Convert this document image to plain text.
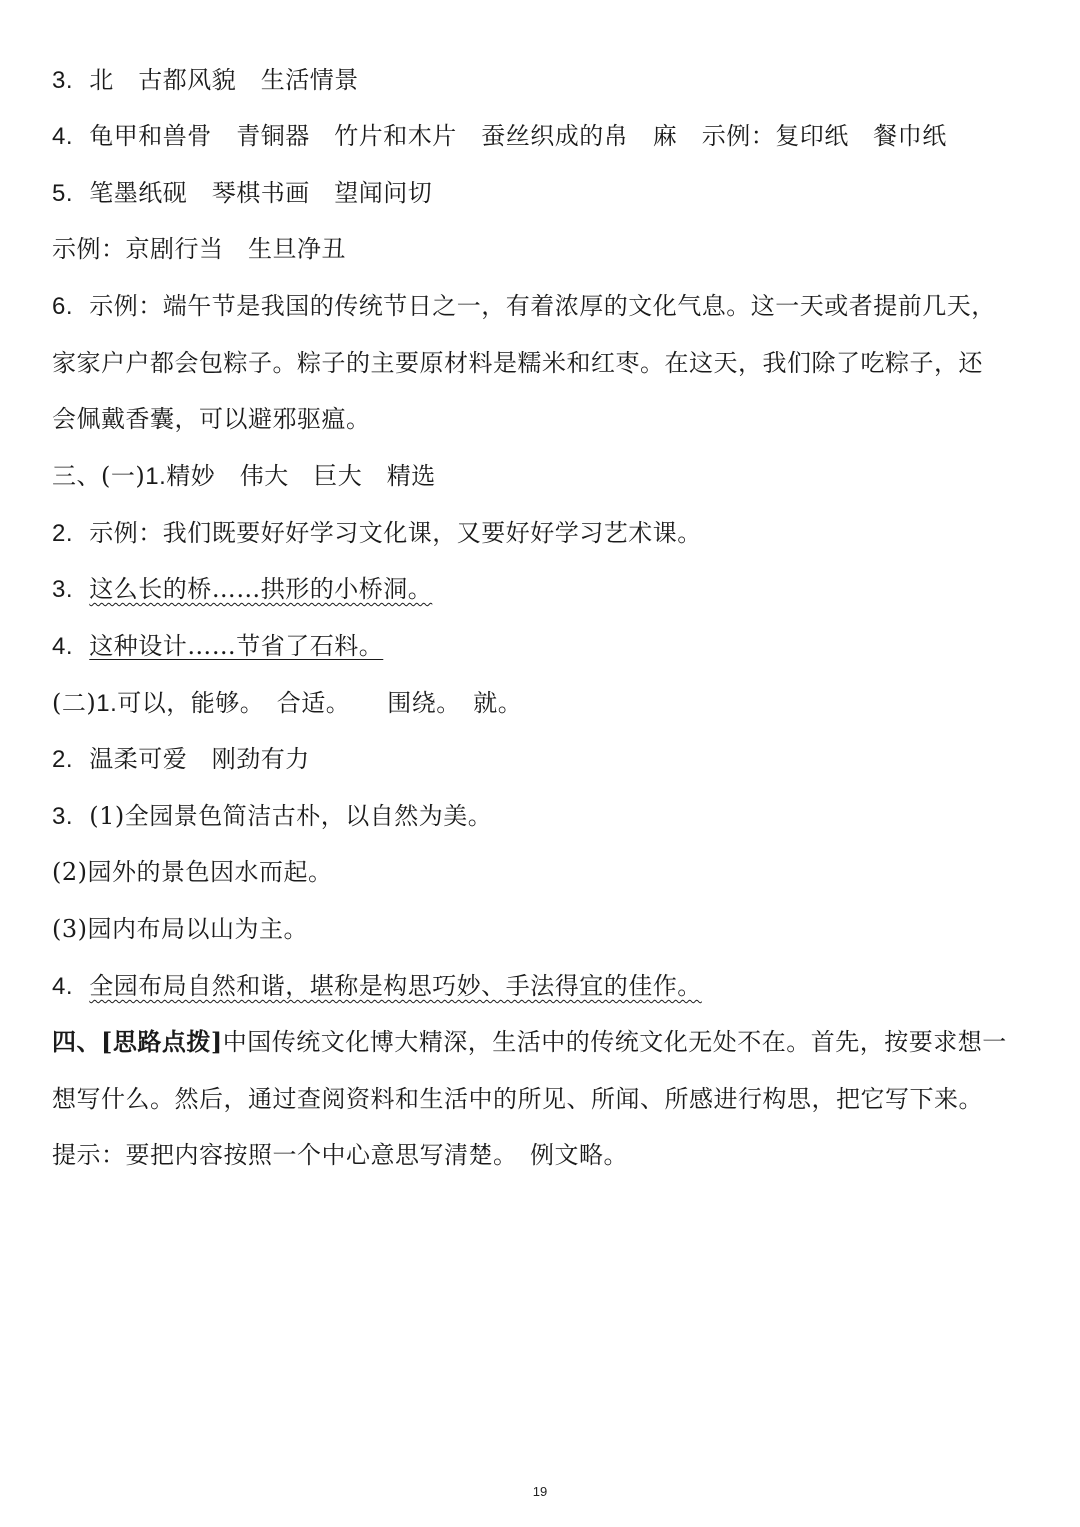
3. 北　古都风貌　生活情景
4. 龟甲和兽骨　青铜器　竹片和木片　蚕丝织成的帛　麻　示例：复印纸　餐巾纸
5. 笔墨纸砚　琴棋书画　望闻问切
示例：京剧行当　生旦净丑
6. 示例：端午节是我国的传统节日之一，有着浓厚的文化气息。这一天或者提前几天，
家家户户都会包粽子。粽子的主要原材料是糯米和红枣。在这天，我们除了吃粽子，还
会佩戴香囊，可以避邪驱瘟。
三、(一)1.精妙　伟大　巨大　精选
2. 示例：我们既要好好学习文化课，又要好好学习艺术课。
3. 这么长的桥……拱形的小桥洞。
4. 这种设计……节省了石料。
(二)1.可以，能够。　合适。　　围绕。　就。
2. 温柔可爱　刚劲有力
3. (1)全园景色简洁古朴，以自然为美。
(2)园外的景色因水而起。
(3)园内布局以山为主。
4. 全园布局自然和谐，堪称是构思巧妙、手法得宜的佳作。
四、[思路点拨]中国传统文化博大精深，生活中的传统文化无处不在。首先，按要求想一
想写什么。然后，通过查阅资料和生活中的所见、所闻、所感进行构思，把它写下来。
提示：要把内容按照一个中心意思写清楚。　例文略。
19
